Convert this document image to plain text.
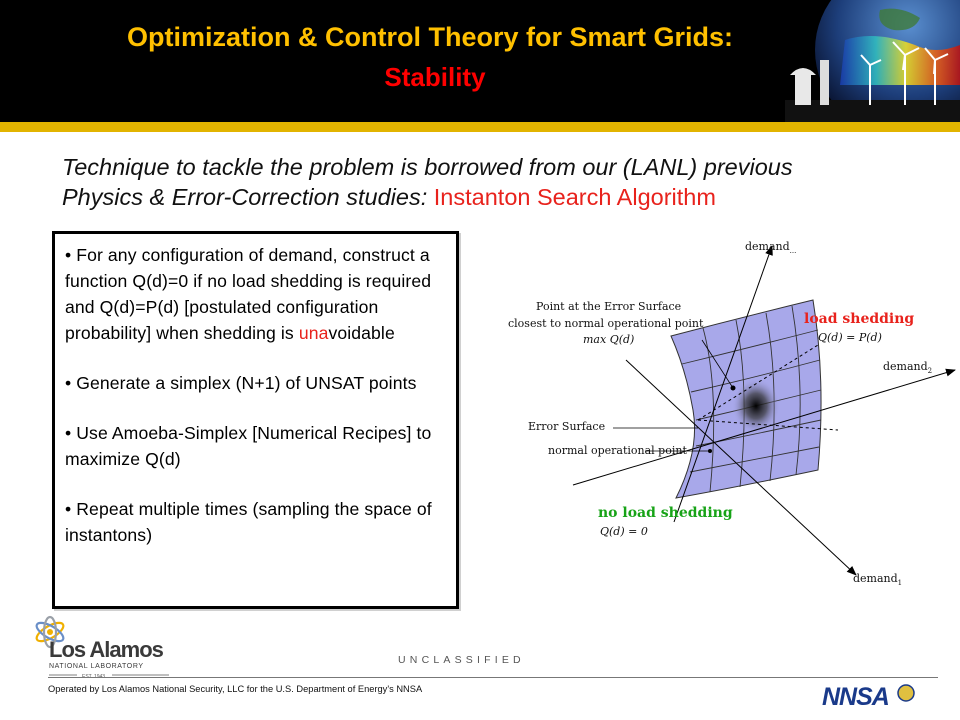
Optimization & Control Theory for Smart Grids:
Stability
Technique to tackle the problem is borrowed from our (LANL) previous
Physics & Error-Correction studies: Instanton Search Algorithm

• For any configuration of demand, construct a function Q(d)=0 if no load shedding is required and Q(d)=P(d) [postulated configuration probability] when shedding is unavoidable

• Generate a simplex (N+1) of UNSAT points

• Use Amoeba-Simplex [Numerical Recipes] to maximize Q(d)

• Repeat multiple times (sampling the space of instantons)

demand$_{...}$
demand$_2$
demand$_1$
Point at the Error Surface
closest to normal operational point
max Q(d)
Error Surface
normal operational point
Q(d) = P(d)
Q(d) = 0
load shedding
no load shedding
Los Alamos
NATIONAL LABORATORY
UNCLASSIFIED
Operated by Los Alamos National Security, LLC for the U.S. Department of Energy's NNSA	NNSA
